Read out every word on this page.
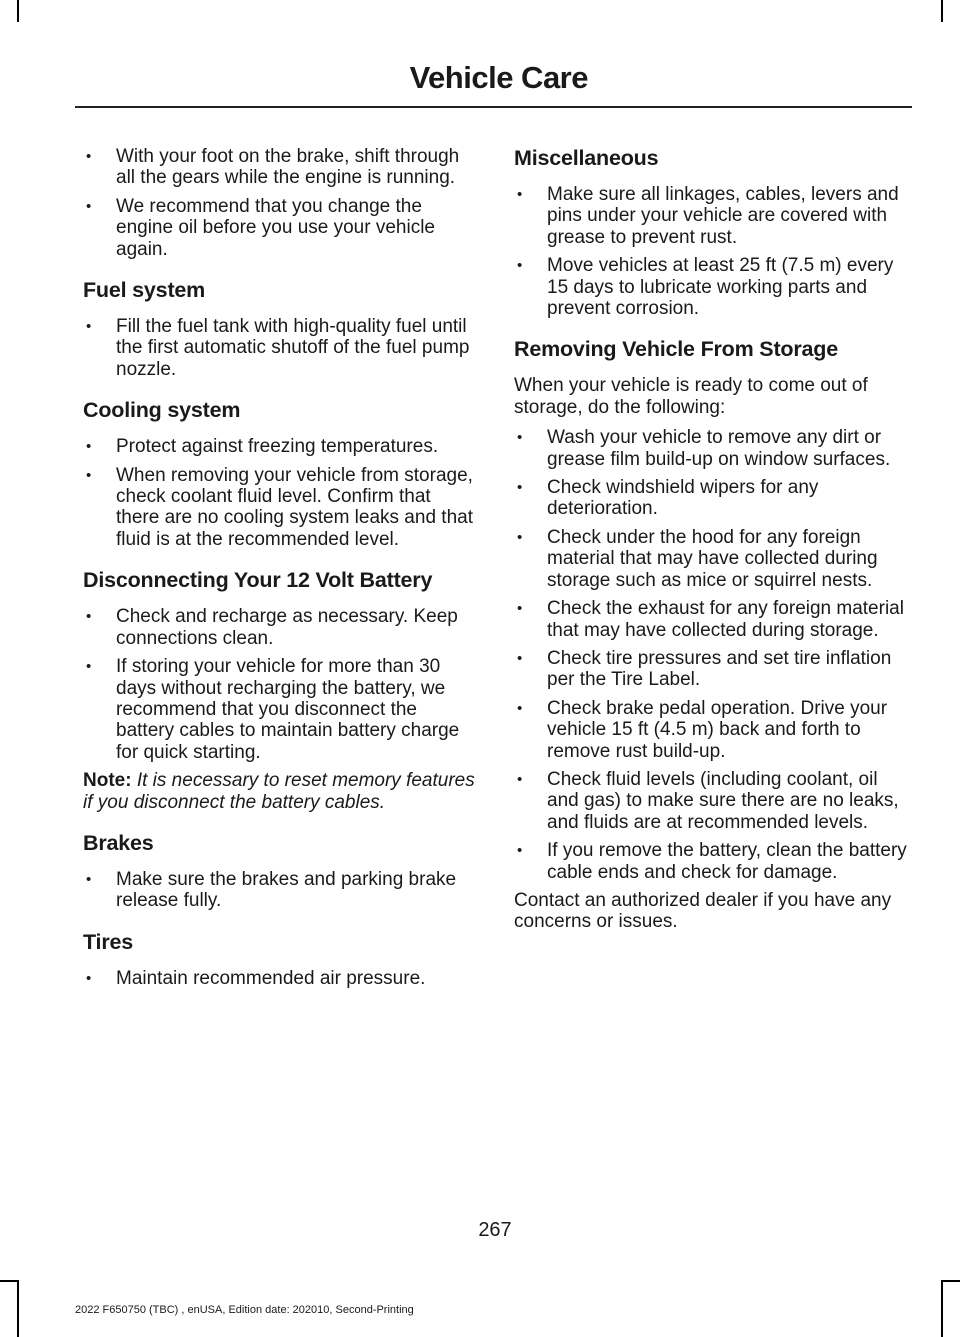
Vehicle Care
• With your foot on the brake, shift through all the gears while the engine is running.
• We recommend that you change the engine oil before you use your vehicle again.
Fuel system
• Fill the fuel tank with high-quality fuel until the first automatic shutoff of the fuel pump nozzle.
Cooling system
• Protect against freezing temperatures.
• When removing your vehicle from storage, check coolant fluid level. Confirm that there are no cooling system leaks and that fluid is at the recommended level.
Disconnecting Your 12 Volt Battery
• Check and recharge as necessary. Keep connections clean.
• If storing your vehicle for more than 30 days without recharging the battery, we recommend that you disconnect the battery cables to maintain battery charge for quick starting.

Note: It is necessary to reset memory features if you disconnect the battery cables.

Brakes
• Make sure the brakes and parking brake release fully.
Tires
• Maintain recommended air pressure.
Miscellaneous
• Make sure all linkages, cables, levers and pins under your vehicle are covered with grease to prevent rust.
• Move vehicles at least 25 ft (7.5 m) every 15 days to lubricate working parts and prevent corrosion.
Removing Vehicle From Storage

When your vehicle is ready to come out of storage, do the following:

• Wash your vehicle to remove any dirt or grease film build-up on window surfaces.
• Check windshield wipers for any deterioration.
• Check under the hood for any foreign material that may have collected during storage such as mice or squirrel nests.
• Check the exhaust for any foreign material that may have collected during storage.
• Check tire pressures and set tire inflation per the Tire Label.
• Check brake pedal operation. Drive your vehicle 15 ft (4.5 m) back and forth to remove rust build-up.
• Check fluid levels (including coolant, oil and gas) to make sure there are no leaks, and fluids are at recommended levels.
• If you remove the battery, clean the battery cable ends and check for damage.

Contact an authorized dealer if you have any concerns or issues.

267
2022 F650750 (TBC) , enUSA, Edition date: 202010, Second-Printing
